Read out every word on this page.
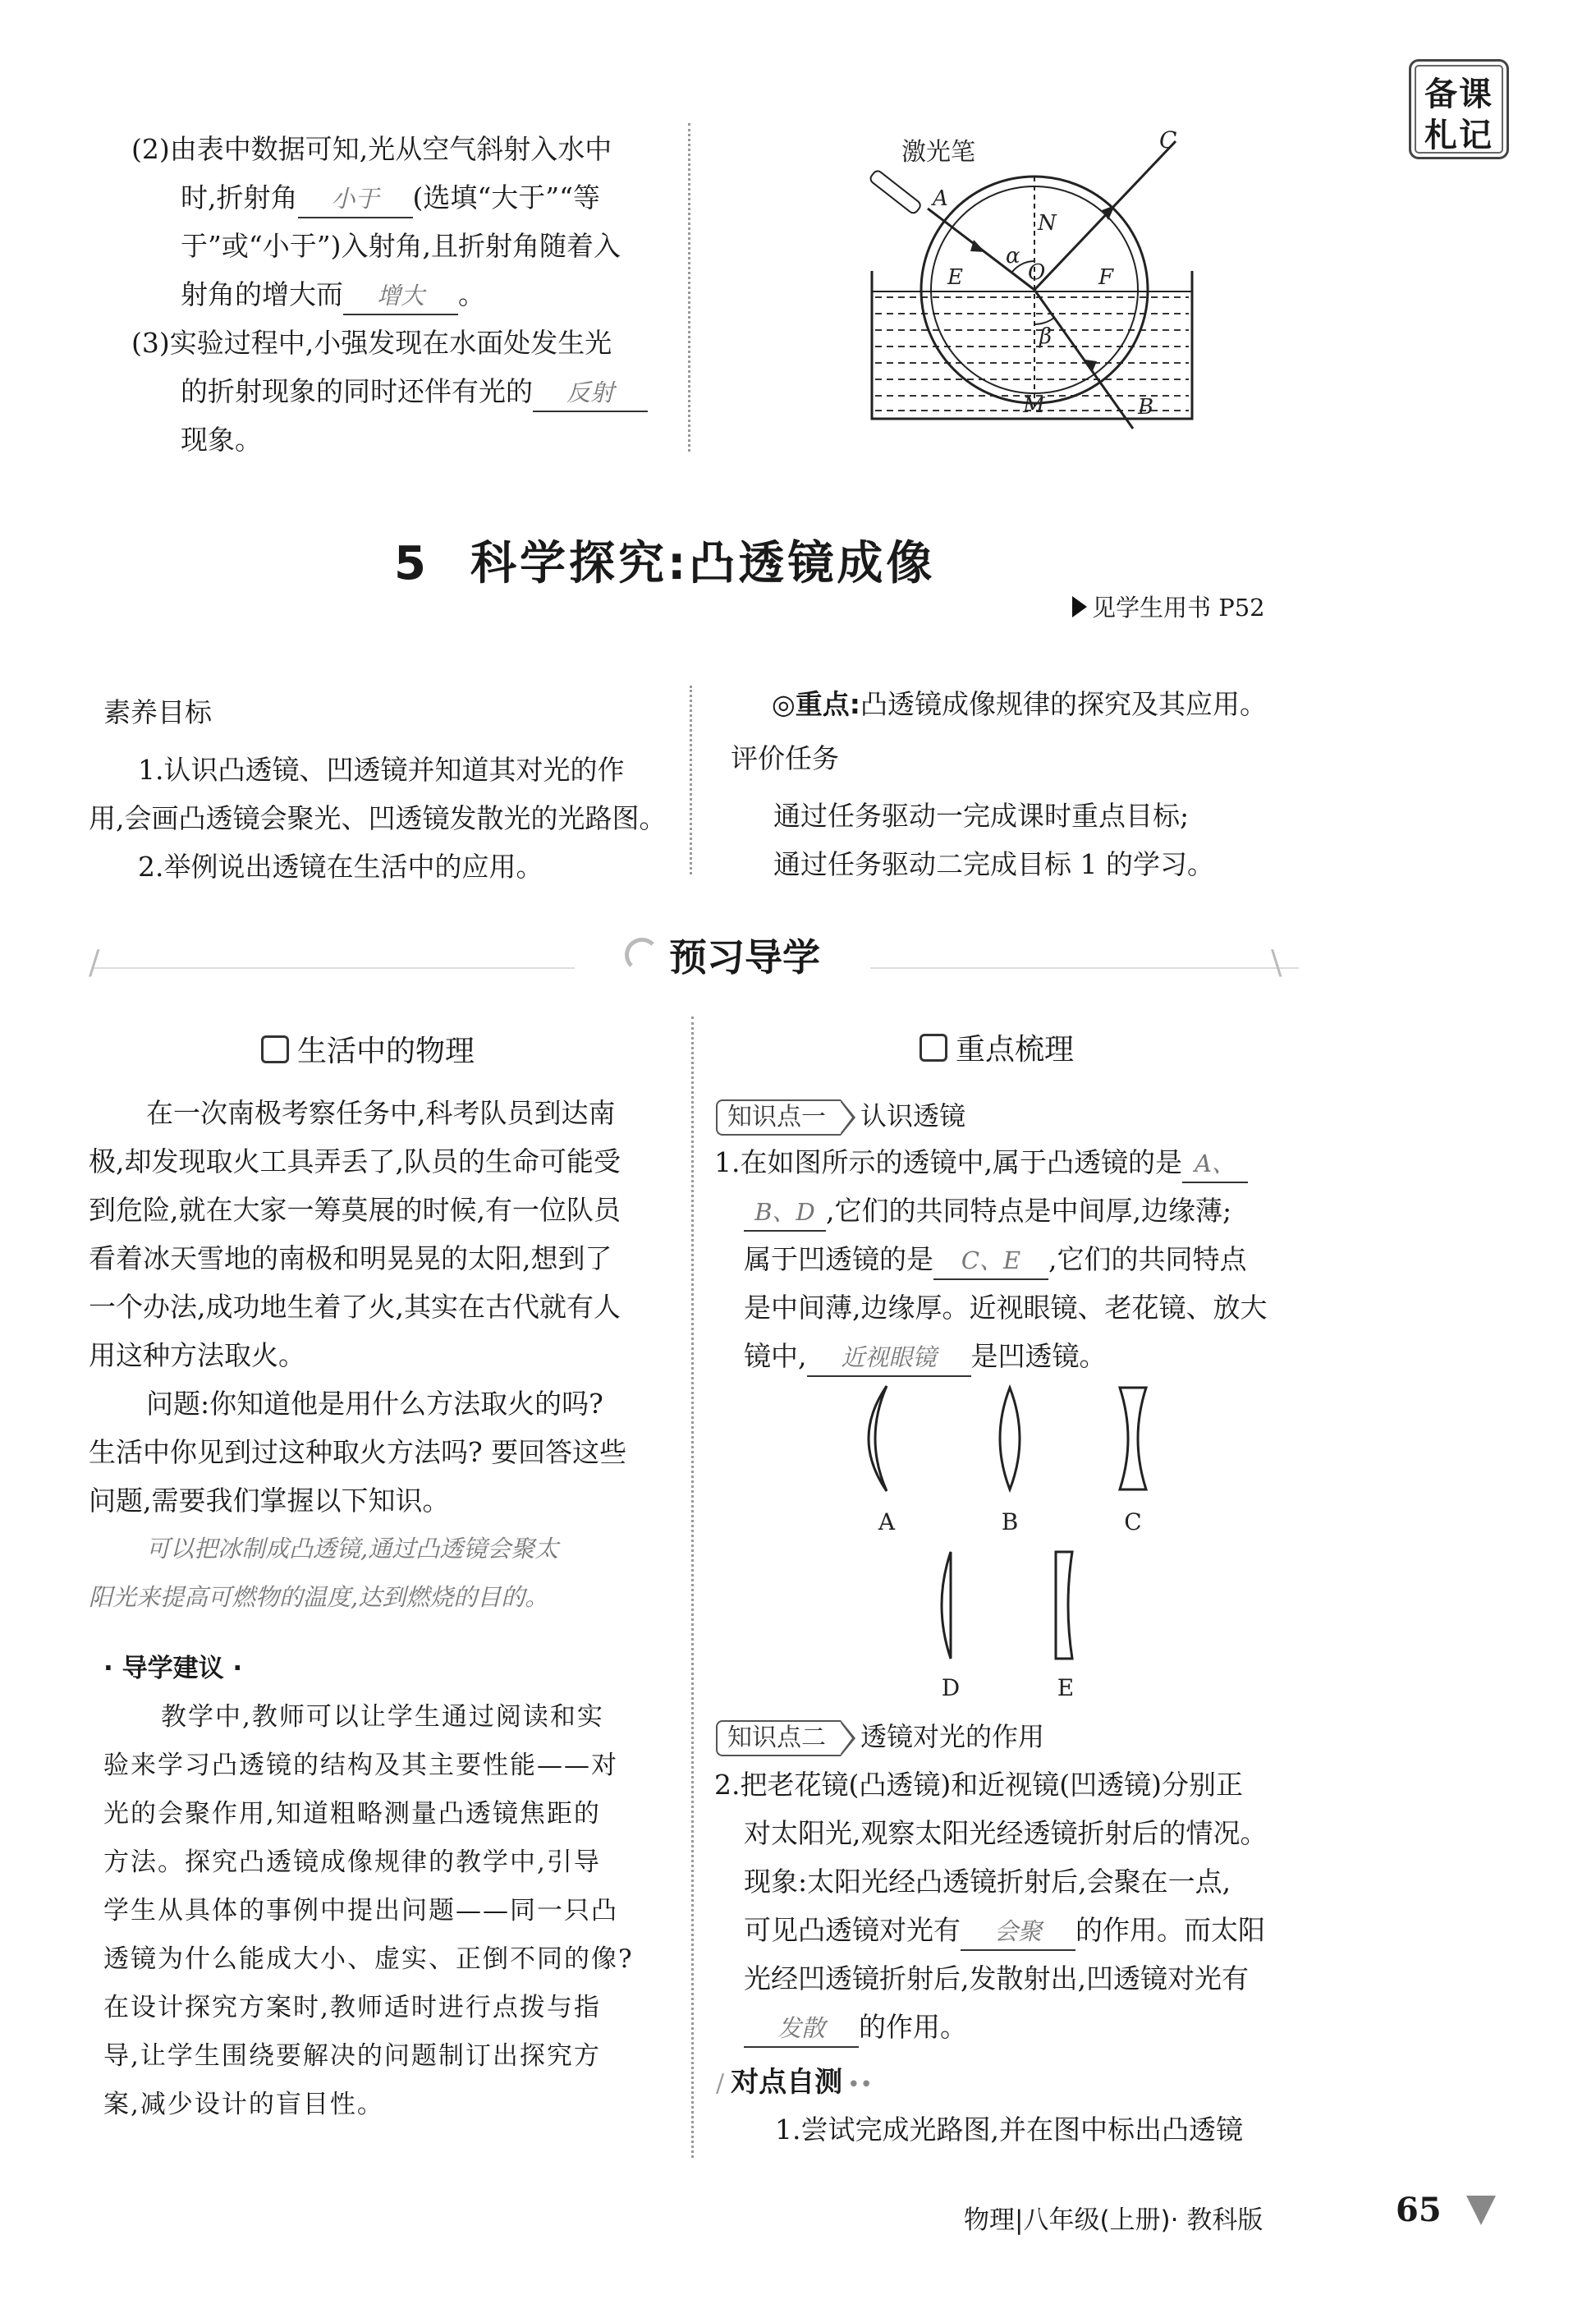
备课
札记
(2)由表中数据可知,光从空气斜射入水中
时,折射角 小于 (选填“大于”“等
于”或“小于”)入射角,且折射角随着入
射角的增大而 增大 。
(3)实验过程中,小强发现在水面处发生光
的折射现象的同时还伴有光的 反射
现象。
激光笔
A
C
N
α
O
E	F
β
M	B
5 科学探究:凸透镜成像
见学生用书 P52
素养目标
1.认识凸透镜、凹透镜并知道其对光的作
用,会画凸透镜会聚光、凹透镜发散光的光路图。
2.举例说出透镜在生活中的应用。
◎重点:凸透镜成像规律的探究及其应用。
评价任务
通过任务驱动一完成课时重点目标;
通过任务驱动二完成目标 1 的学习。
/	\
预习导学
生活中的物理
在一次南极考察任务中,科考队员到达南
极,却发现取火工具弄丢了,队员的生命可能受
到危险,就在大家一筹莫展的时候,有一位队员
看着冰天雪地的南极和明晃晃的太阳,想到了
一个办法,成功地生着了火,其实在古代就有人
用这种方法取火。
问题:你知道他是用什么方法取火的吗?
生活中你见到过这种取火方法吗? 要回答这些
问题,需要我们掌握以下知识。
可以把冰制成凸透镜,通过凸透镜会聚太
阳光来提高可燃物的温度,达到燃烧的目的。
· 导学建议 ·
教学中,教师可以让学生通过阅读和实
验来学习凸透镜的结构及其主要性能——对
光的会聚作用,知道粗略测量凸透镜焦距的
方法。探究凸透镜成像规律的教学中,引导
学生从具体的事例中提出问题——同一只凸
透镜为什么能成大小、虚实、正倒不同的像?
在设计探究方案时,教师适时进行点拨与指
导,让学生围绕要解决的问题制订出探究方
案,减少设计的盲目性。
重点梳理
知识点一 认识透镜
1.在如图所示的透镜中,属于凸透镜的是 A、
B、D ,它们的共同特点是中间厚,边缘薄;
属于凹透镜的是 C、E ,它们的共同特点
是中间薄,边缘厚。近视眼镜、老花镜、放大
镜中, 近视眼镜 是凹透镜。
A	B	C
D	E
知识点二 透镜对光的作用
2.把老花镜(凸透镜)和近视镜(凹透镜)分别正
对太阳光,观察太阳光经透镜折射后的情况。
现象:太阳光经凸透镜折射后,会聚在一点,
可见凸透镜对光有 会聚 的作用。而太阳
光经凹透镜折射后,发散射出,凹透镜对光有
发散 的作用。
/ 对点自测 ••
1.尝试完成光路图,并在图中标出凸透镜
物理|八年级(上册)· 教科版	65
